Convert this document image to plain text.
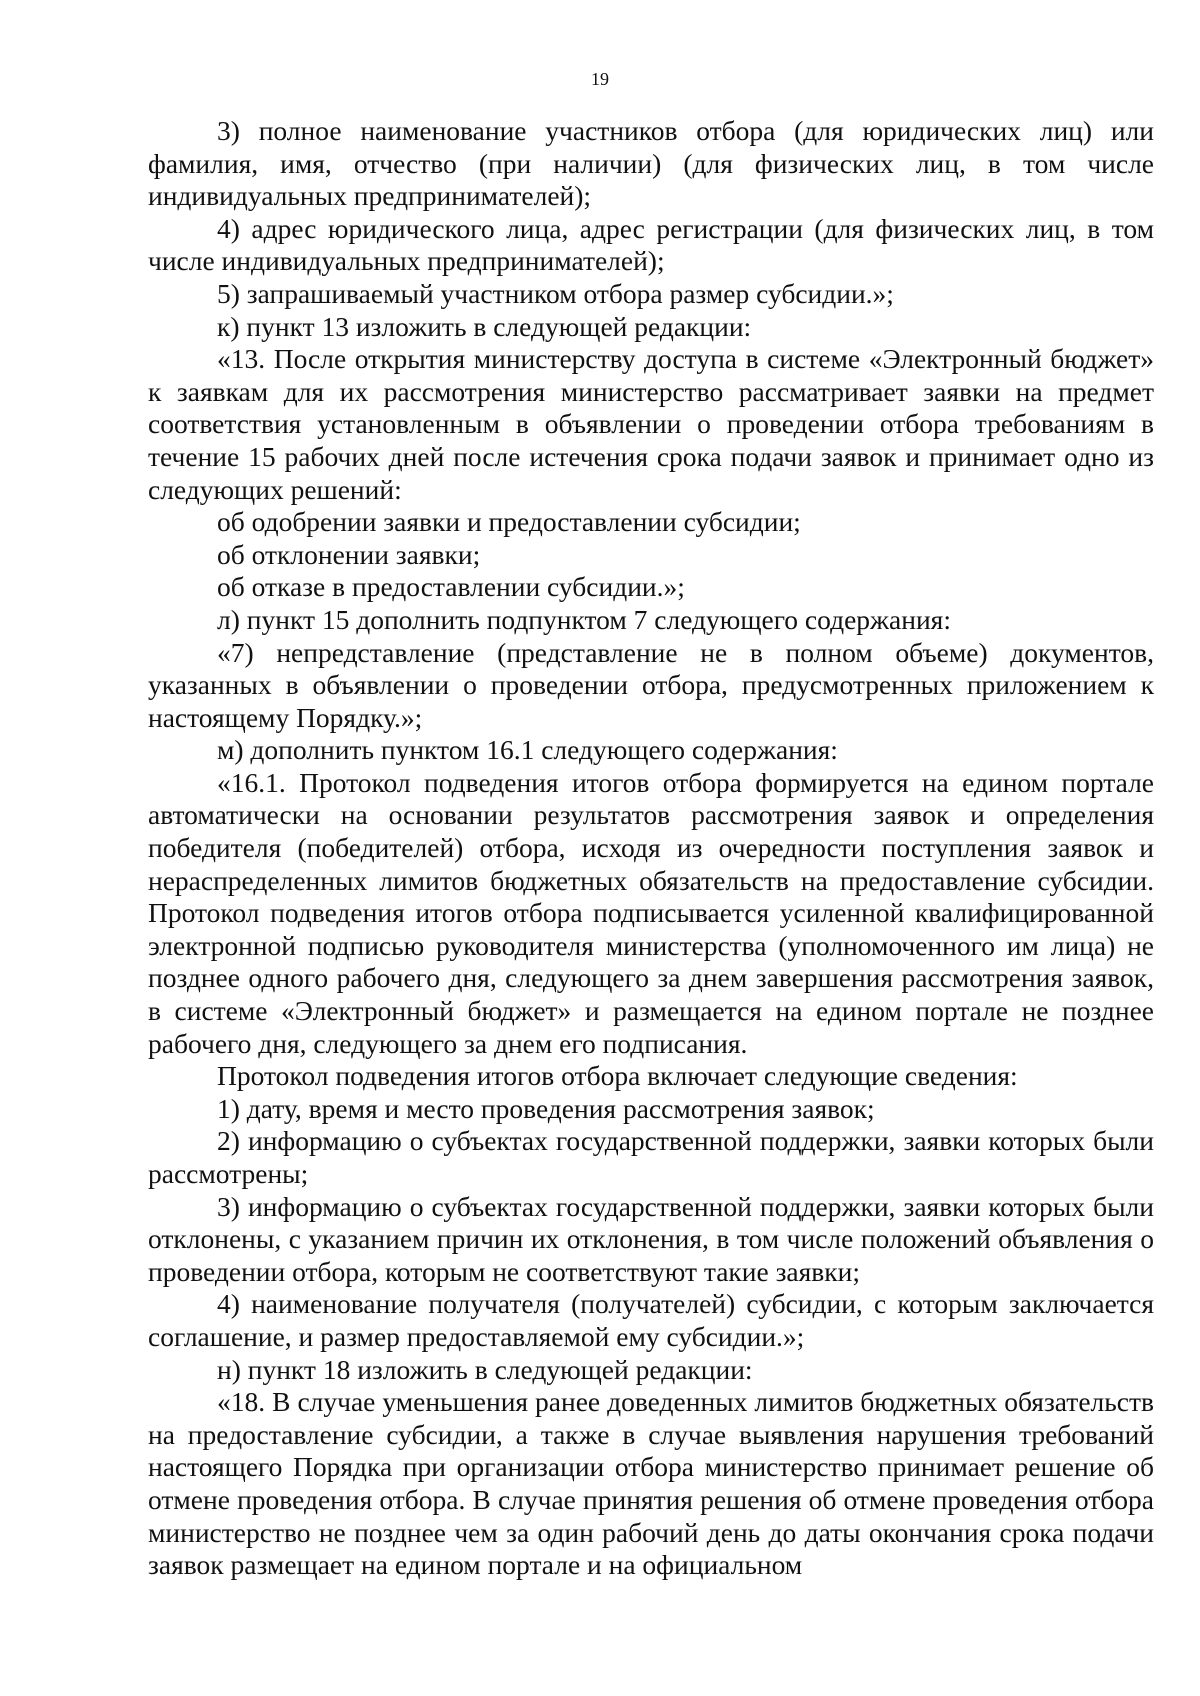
19

3) полное наименование участников отбора (для юридических лиц) или фамилия, имя, отчество (при наличии) (для физических лиц, в том числе индивидуальных предпринимателей);

4) адрес юридического лица, адрес регистрации (для физических лиц, в том числе индивидуальных предпринимателей);

5) запрашиваемый участником отбора размер субсидии.»;

к) пункт 13 изложить в следующей редакции:

«13. После открытия министерству доступа в системе «Электронный бюджет» к заявкам для их рассмотрения министерство рассматривает заявки на предмет соответствия установленным в объявлении о проведении отбора требованиям в течение 15 рабочих дней после истечения срока подачи заявок и принимает одно из следующих решений:

об одобрении заявки и предоставлении субсидии;

об отклонении заявки;

об отказе в предоставлении субсидии.»;

л) пункт 15 дополнить подпунктом 7 следующего содержания:

«7) непредставление (представление не в полном объеме) документов, указанных в объявлении о проведении отбора, предусмотренных приложением к настоящему Порядку.»;

м) дополнить пунктом 16.1 следующего содержания:

«16.1. Протокол подведения итогов отбора формируется на едином портале автоматически на основании результатов рассмотрения заявок и определения победителя (победителей) отбора, исходя из очередности поступления заявок и нераспределенных лимитов бюджетных обязательств на предоставление субсидии. Протокол подведения итогов отбора подписывается усиленной квалифицированной электронной подписью руководителя министерства (уполномоченного им лица) не позднее одного рабочего дня, следующего за днем завершения рассмотрения заявок, в системе «Электронный бюджет» и размещается на едином портале не позднее рабочего дня, следующего за днем его подписания.

Протокол подведения итогов отбора включает следующие сведения:

1) дату, время и место проведения рассмотрения заявок;

2) информацию о субъектах государственной поддержки, заявки которых были рассмотрены;

3) информацию о субъектах государственной поддержки, заявки которых были отклонены, с указанием причин их отклонения, в том числе положений объявления о проведении отбора, которым не соответствуют такие заявки;

4) наименование получателя (получателей) субсидии, с которым заключается соглашение, и размер предоставляемой ему субсидии.»;

н) пункт 18 изложить в следующей редакции:

«18. В случае уменьшения ранее доведенных лимитов бюджетных обязательств на предоставление субсидии, а также в случае выявления нарушения требований настоящего Порядка при организации отбора министерство принимает решение об отмене проведения отбора. В случае принятия решения об отмене проведения отбора министерство не позднее чем за один рабочий день до даты окончания срока подачи заявок размещает на едином портале и на официальном
